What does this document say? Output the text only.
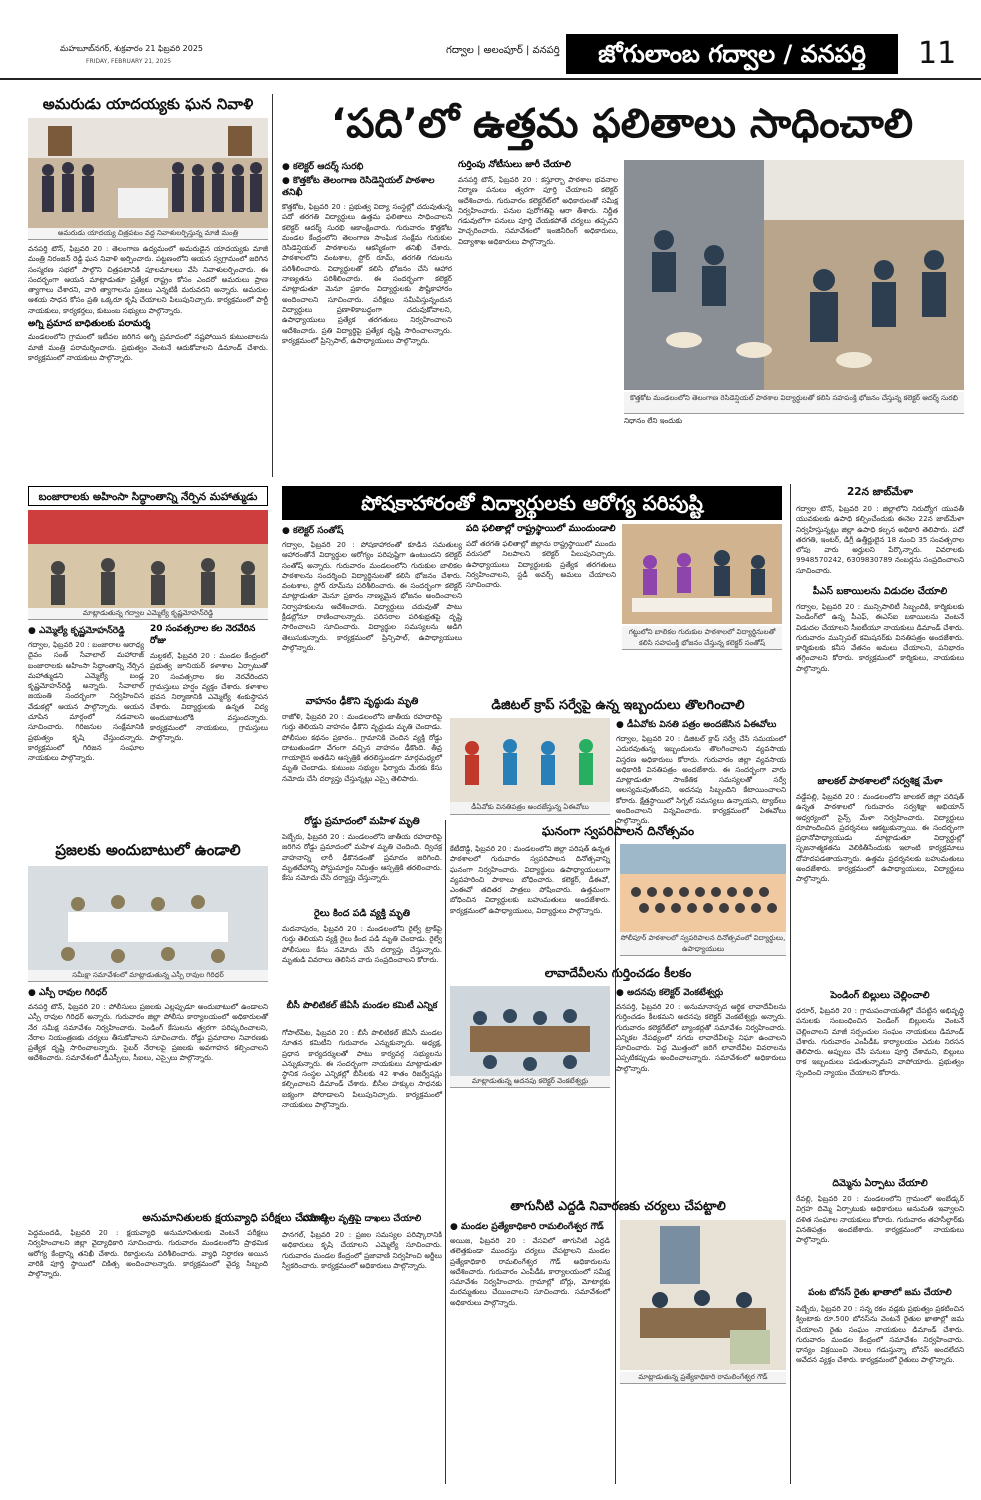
మహబూబ్‌నగర్, శుక్రవారం 21 ఫిబ్రవరి 2025
FRIDAY, FEBRUARY 21, 2025
గద్వాల | అలంపూర్ | వనపర్తి	జోగులాంబ గద్వాల / వనపర్తి	11
అమరుడు యాదయ్యకు ఘన నివాళి
అమరుడు యాదయ్య చిత్రపటం వద్ద నివాళులర్పిస్తున్న మాజీ మంత్రి
వనపర్తి టౌన్‌, ఫిబ్రవరి 20 : తెలంగాణ ఉద్యమంలో అమరుడైన యాదయ్యకు మాజీ మంత్రి నిరంజన్‌ రెడ్డి ఘన నివాళి అర్పించారు. పట్టణంలోని ఆయన స్వగ్రామంలో జరిగిన సంస్మరణ సభలో పాల్గొని చిత్రపటానికి పూలమాలలు వేసి నివాళులర్పించారు. ఈ సందర్భంగా ఆయన మాట్లాడుతూ ప్రత్యేక రాష్ట్రం కోసం ఎందరో అమరులు ప్రాణ త్యాగాలు చేశారని, వారి త్యాగాలను ప్రజలు ఎన్నటికీ మరువరని అన్నారు. అమరుల ఆశయ సాధన కోసం ప్రతి ఒక్కరూ కృషి చేయాలని పిలుపునిచ్చారు. కార్యక్రమంలో పార్టీ నాయకులు, కార్యకర్తలు, కుటుంబ సభ్యులు పాల్గొన్నారు.
అగ్ని ప్రమాద బాధితులకు పరామర్శ
మండలంలోని గ్రామంలో ఇటీవల జరిగిన అగ్ని ప్రమాదంలో నష్టపోయిన కుటుంబాలను మాజీ మంత్రి పరామర్శించారు. ప్రభుత్వం వెంటనే ఆదుకోవాలని డిమాండ్‌ చేశారు. కార్యక్రమంలో నాయకులు పాల్గొన్నారు.
‘పది’లో ఉత్తమ ఫలితాలు సాధించాలి
● కలెక్టర్‌ ఆదర్శ్‌ సురభి
● కొత్తకోట తెలంగాణ రెసిడెన్షియల్‌ పాఠశాల తనిఖీ
కొత్తకోట, ఫిబ్రవరి 20 : ప్రభుత్వ విద్యా సంస్థల్లో చదువుతున్న పదో తరగతి విద్యార్థులు ఉత్తమ ఫలితాలు సాధించాలని కలెక్టర్‌ ఆదర్శ్‌ సురభి ఆకాంక్షించారు. గురువారం కొత్తకోట మండల కేంద్రంలోని తెలంగాణ సాంఘిక సంక్షేమ గురుకుల రెసిడెన్షియల్‌ పాఠశాలను ఆకస్మికంగా తనిఖీ చేశారు. పాఠశాలలోని వంటశాల, స్టోర్‌ రూమ్‌, తరగతి గదులను పరిశీలించారు. విద్యార్థులతో కలిసి భోజనం చేసి ఆహార నాణ్యతను పరిశీలించారు. ఈ సందర్భంగా కలెక్టర్‌ మాట్లాడుతూ మెనూ ప్రకారం విద్యార్థులకు పౌష్టికాహారం అందించాలని సూచించారు. పరీక్షలు సమీపిస్తున్నందున విద్యార్థులు ప్రణాళికాబద్ధంగా చదువుకోవాలని, ఉపాధ్యాయులు ప్రత్యేక తరగతులు నిర్వహించాలని ఆదేశించారు. ప్రతి విద్యార్థిపై ప్రత్యేక దృష్టి సారించాలన్నారు. కార్యక్రమంలో ప్రిన్సిపాల్‌, ఉపాధ్యాయులు పాల్గొన్నారు.
గుర్తింపు నోటీసులు జారీ చేయాలి
వనపర్తి టౌన్‌, ఫిబ్రవరి 20 : కస్తూర్బా పాఠశాల భవనాల నిర్మాణ పనులు త్వరగా పూర్తి చేయాలని కలెక్టర్‌ ఆదేశించారు. గురువారం కలెక్టరేట్‌లో అధికారులతో సమీక్ష నిర్వహించారు. పనుల పురోగతిపై ఆరా తీశారు. నిర్ణీత గడువులోగా పనులు పూర్తి చేయకపోతే చర్యలు తప్పవని హెచ్చరించారు. సమావేశంలో ఇంజినీరింగ్‌ అధికారులు, విద్యాశాఖ అధికారులు పాల్గొన్నారు.
కొత్తకోట మండలంలోని తెలంగాణ రెసిడెన్షియల్‌ పాఠశాల విద్యార్థులతో కలిసి సహపంక్తి భోజనం చేస్తున్న కలెక్టర్‌ ఆదర్శ్‌ సురభి
నిధానం లేని ఇందుకు
బంజారాలకు అహింసా సిద్ధాంతాన్ని నేర్పిన మహాత్ముడు
మాట్లాడుతున్న గద్వాల ఎమ్మెల్యే కృష్ణమోహన్‌రెడ్డి
● ఎమ్మెల్యే కృష్ణమోహన్‌రెడ్డి
గద్వాల, ఫిబ్రవరి 20 : బంజారాల ఆరాధ్య దైవం సంత్‌ సేవాలాల్‌ మహారాజ్‌ బంజారాలకు అహింసా సిద్ధాంతాన్ని నేర్పిన మహాత్ముడని ఎమ్మెల్యే బండ్ల కృష్ణమోహన్‌రెడ్డి అన్నారు. సేవాలాల్‌ జయంతి సందర్భంగా నిర్వహించిన వేడుకల్లో ఆయన పాల్గొన్నారు. ఆయన చూపిన మార్గంలో నడవాలని సూచించారు. గిరిజనుల సంక్షేమానికి ప్రభుత్వం కృషి చేస్తుందన్నారు. కార్యక్రమంలో గిరిజన సంఘాల నాయకులు పాల్గొన్నారు.
20 సంవత్సరాల కల నెరవేరిన రోజు
మల్దకల్‌, ఫిబ్రవరి 20 : మండల కేంద్రంలో ప్రభుత్వ జూనియర్‌ కళాశాల ఏర్పాటుతో 20 సంవత్సరాల కల నెరవేరిందని గ్రామస్తులు హర్షం వ్యక్తం చేశారు. కళాశాల భవన నిర్మాణానికి ఎమ్మెల్యే శంకుస్థాపన చేశారు. విద్యార్థులకు ఉన్నత విద్య అందుబాటులోకి వస్తుందన్నారు. కార్యక్రమంలో నాయకులు, గ్రామస్తులు పాల్గొన్నారు.
పోషకాహారంతో విద్యార్థులకు ఆరోగ్య పరిపుష్టి
● కలెక్టర్‌ సంతోష్‌
గద్వాల, ఫిబ్రవరి 20 : పోషకాహారంతో కూడిన సమతుల్య ఆహారంతోనే విద్యార్థుల ఆరోగ్యం పరిపుష్టిగా ఉంటుందని కలెక్టర్‌ సంతోష్‌ అన్నారు. గురువారం మండలంలోని గురుకుల బాలికల పాఠశాలను సందర్శించి విద్యార్థినులతో కలిసి భోజనం చేశారు. వంటశాల, స్టోర్‌ రూమ్‌ను పరిశీలించారు. ఈ సందర్భంగా కలెక్టర్‌ మాట్లాడుతూ మెనూ ప్రకారం నాణ్యమైన భోజనం అందించాలని నిర్వాహకులను ఆదేశించారు. విద్యార్థులు చదువుతో పాటు క్రీడల్లోనూ రాణించాలన్నారు. పరిసరాల పరిశుభ్రతపై దృష్టి సారించాలని సూచించారు. విద్యార్థుల సమస్యలను అడిగి తెలుసుకున్నారు. కార్యక్రమంలో ప్రిన్సిపాల్‌, ఉపాధ్యాయులు పాల్గొన్నారు.
పది ఫలితాల్లో రాష్ట్రస్థాయిలో ముందుండాలి
పదో తరగతి ఫలితాల్లో జిల్లాను రాష్ట్రస్థాయిలో ముందు వరుసలో నిలపాలని కలెక్టర్‌ పిలుపునిచ్చారు. ఉపాధ్యాయులు విద్యార్థులకు ప్రత్యేక తరగతులు నిర్వహించాలని, స్టడీ అవర్స్‌ అమలు చేయాలని సూచించారు.
గట్టులోని బాలికల గురుకుల పాఠశాలలో విద్యార్థినులతో కలిసి సహపంక్తి భోజనం చేస్తున్న కలెక్టర్‌ సంతోష్‌
వాహనం ఢీకొని వృద్ధుడు మృతి
రాజోళి, ఫిబ్రవరి 20 : మండలంలోని జాతీయ రహదారిపై గుర్తు తెలియని వాహనం ఢీకొని వృద్ధుడు మృతి చెందాడు. పోలీసుల కథనం ప్రకారం.. గ్రామానికి చెందిన వ్యక్తి రోడ్డు దాటుతుండగా వేగంగా వచ్చిన వాహనం ఢీకొంది. తీవ్ర గాయాలైన అతడిని ఆస్పత్రికి తరలిస్తుండగా మార్గమధ్యలో మృతి చెందాడు. కుటుంబ సభ్యుల ఫిర్యాదు మేరకు కేసు నమోదు చేసి దర్యాప్తు చేస్తున్నట్లు ఎస్సై తెలిపారు.
రోడ్డు ప్రమాదంలో మహిళ మృతి
పెబ్బేరు, ఫిబ్రవరి 20 : మండలంలోని జాతీయ రహదారిపై జరిగిన రోడ్డు ప్రమాదంలో మహిళ మృతి చెందింది. ద్విచక్ర వాహనాన్ని లారీ ఢీకొనడంతో ప్రమాదం జరిగింది. మృతదేహాన్ని పోస్టుమార్టం నిమిత్తం ఆస్పత్రికి తరలించారు. కేసు నమోదు చేసి దర్యాప్తు చేస్తున్నారు.
రైలు కింద పడి వ్యక్తి మృతి
మదనాపురం, ఫిబ్రవరి 20 : మండలంలోని రైల్వే ట్రాక్‌పై గుర్తు తెలియని వ్యక్తి రైలు కింద పడి మృతి చెందాడు. రైల్వే పోలీసులు కేసు నమోదు చేసి దర్యాప్తు చేస్తున్నారు. మృతుడి వివరాలు తెలిసిన వారు సంప్రదించాలని కోరారు.
బీసీ పొలిటికల్‌ జేఏసీ మండల కమిటీ ఎన్నిక
గోపాల్‌పేట, ఫిబ్రవరి 20 : బీసీ పొలిటికల్‌ జేఏసీ మండల నూతన కమిటీని గురువారం ఎన్నుకున్నారు. అధ్యక్ష, ప్రధాన కార్యదర్శులతో పాటు కార్యవర్గ సభ్యులను ఎన్నుకున్నారు. ఈ సందర్భంగా నాయకులు మాట్లాడుతూ స్థానిక సంస్థల ఎన్నికల్లో బీసీలకు 42 శాతం రిజర్వేషన్లు కల్పించాలని డిమాండ్‌ చేశారు. బీసీల హక్కుల సాధనకు ఐక్యంగా పోరాడాలని పిలుపునిచ్చారు. కార్యక్రమంలో నాయకులు పాల్గొన్నారు.
డిజిటల్‌ క్రాప్‌ సర్వేపై ఉన్న ఇబ్బందులు తొలగించాలి
డీఏవోకు వినతిపత్రం అందజేస్తున్న ఏఈవోలు
● డీఏవోకు వినతి పత్రం అందజేసిన ఏఈవోలు
గద్వాల, ఫిబ్రవరి 20 : డిజిటల్‌ క్రాప్‌ సర్వే చేసే సమయంలో ఎదురవుతున్న ఇబ్బందులను తొలగించాలని వ్యవసాయ విస్తరణ అధికారులు కోరారు. గురువారం జిల్లా వ్యవసాయ అధికారికి వినతిపత్రం అందజేశారు. ఈ సందర్భంగా వారు మాట్లాడుతూ సాంకేతిక సమస్యలతో సర్వే ఆలస్యమవుతోందని, అదనపు సిబ్బందిని కేటాయించాలని కోరారు. క్షేత్రస్థాయిలో సిగ్నల్‌ సమస్యలు ఉన్నాయని, ట్యాబ్‌లు అందించాలని విన్నవించారు. కార్యక్రమంలో ఏఈవోలు పాల్గొన్నారు.
ఘనంగా స్వపరిపాలన దినోత్సవం
కేటీదొడ్డి, ఫిబ్రవరి 20 : మండలంలోని జిల్లా పరిషత్‌ ఉన్నత పాఠశాలలో గురువారం స్వపరిపాలన దినోత్సవాన్ని ఘనంగా నిర్వహించారు. విద్యార్థులు ఉపాధ్యాయులుగా వ్యవహరించి పాఠాలు బోధించారు. కలెక్టర్‌, డీఈవో, ఎంఈవో తదితర పాత్రలు పోషించారు. ఉత్తమంగా బోధించిన విద్యార్థులకు బహుమతులు అందజేశారు. కార్యక్రమంలో ఉపాధ్యాయులు, విద్యార్థులు పాల్గొన్నారు.
సోలీపూర్‌ పాఠశాలలో స్వపరిపాలన దినోత్సవంలో విద్యార్థులు, ఉపాధ్యాయులు
లావాదేవీలను గుర్తించడం కీలకం
మాట్లాడుతున్న అదనపు కలెక్టర్‌ వెంకటేశ్వర్లు
● అదనపు కలెక్టర్‌ వెంకటేశ్వర్లు
వనపర్తి, ఫిబ్రవరి 20 : అనుమానాస్పద ఆర్థిక లావాదేవీలను గుర్తించడం కీలకమని అదనపు కలెక్టర్‌ వెంకటేశ్వర్లు అన్నారు. గురువారం కలెక్టరేట్‌లో బ్యాంకర్లతో సమావేశం నిర్వహించారు. ఎన్నికల నేపథ్యంలో నగదు లావాదేవీలపై నిఘా ఉంచాలని సూచించారు. పెద్ద మొత్తంలో జరిగే లావాదేవీల వివరాలను ఎప్పటికప్పుడు అందించాలన్నారు. సమావేశంలో అధికారులు పాల్గొన్నారు.
తాగునీటి ఎద్దడి నివారణకు చర్యలు చేపట్టాలి
● మండల ప్రత్యేకాధికారి రామలింగేశ్వర గౌడ్‌
అయిజ, ఫిబ్రవరి 20 : వేసవిలో తాగునీటి ఎద్దడి తలెత్తకుండా ముందస్తు చర్యలు చేపట్టాలని మండల ప్రత్యేకాధికారి రామలింగేశ్వర గౌడ్‌ అధికారులను ఆదేశించారు. గురువారం ఎంపీడీఓ కార్యాలయంలో సమీక్ష సమావేశం నిర్వహించారు. గ్రామాల్లో బోర్లు, మోటార్లకు మరమ్మతులు చేయించాలని సూచించారు. సమావేశంలో అధికారులు పాల్గొన్నారు.
మాట్లాడుతున్న ప్రత్యేకాధికారి రామలింగేశ్వర గౌడ్‌
22న జాబ్‌మేళా
గద్వాల టౌన్‌, ఫిబ్రవరి 20 : జిల్లాలోని నిరుద్యోగ యువతీ యువకులకు ఉపాధి కల్పించేందుకు ఈనెల 22న జాబ్‌మేళా నిర్వహిస్తున్నట్లు జిల్లా ఉపాధి కల్పన అధికారి తెలిపారు. పదో తరగతి, ఇంటర్‌, డిగ్రీ ఉత్తీర్ణులైన 18 నుంచి 35 సంవత్సరాల లోపు వారు అర్హులని పేర్కొన్నారు. వివరాలకు 9948570242, 6309830789 నంబర్లను సంప్రదించాలని సూచించారు.
పీఎస్‌ బకాయిలను విడుదల చేయాలి
గద్వాల, ఫిబ్రవరి 20 : మున్సిపాలిటీ సిబ్బందికి, కార్మికులకు పెండింగ్‌లో ఉన్న పీఎఫ్‌, ఈఎస్‌ఐ బకాయిలను వెంటనే విడుదల చేయాలని సీఐటీయూ నాయకులు డిమాండ్‌ చేశారు. గురువారం మున్సిపల్‌ కమిషనర్‌కు వినతిపత్రం అందజేశారు. కార్మికులకు కనీస వేతనం అమలు చేయాలని, పనిభారం తగ్గించాలని కోరారు. కార్యక్రమంలో కార్మికులు, నాయకులు పాల్గొన్నారు.
జాలకల్‌ పాఠశాలలో సర్వశిక్ష మేళా
వడ్డేపల్లి, ఫిబ్రవరి 20 : మండలంలోని జాలకల్‌ జిల్లా పరిషత్‌ ఉన్నత పాఠశాలలో గురువారం సర్వశిక్షా అభియాన్‌ ఆధ్వర్యంలో సైన్స్‌ మేళా నిర్వహించారు. విద్యార్థులు రూపొందించిన ప్రదర్శనలు ఆకట్టుకున్నాయి. ఈ సందర్భంగా ప్రధానోపాధ్యాయుడు మాట్లాడుతూ విద్యార్థుల్లో సృజనాత్మకతను వెలికితీసేందుకు ఇలాంటి కార్యక్రమాలు దోహదపడతాయన్నారు. ఉత్తమ ప్రదర్శనలకు బహుమతులు అందజేశారు. కార్యక్రమంలో ఉపాధ్యాయులు, విద్యార్థులు పాల్గొన్నారు.
పెండింగ్‌ బిల్లులు చెల్లించాలి
ధరూర్‌, ఫిబ్రవరి 20 : గ్రామపంచాయతీల్లో చేపట్టిన అభివృద్ధి పనులకు సంబంధించిన పెండింగ్‌ బిల్లులను వెంటనే చెల్లించాలని మాజీ సర్పంచుల సంఘం నాయకులు డిమాండ్‌ చేశారు. గురువారం ఎంపీడీఓ కార్యాలయం ఎదుట నిరసన తెలిపారు. అప్పులు చేసి పనులు పూర్తి చేశామని, బిల్లులు రాక ఇబ్బందులు పడుతున్నామని వాపోయారు. ప్రభుత్వం స్పందించి న్యాయం చేయాలని కోరారు.
దిమ్మెను ఏర్పాటు చేయాలి
రేవల్లి, ఫిబ్రవరి 20 : మండలంలోని గ్రామంలో అంబేడ్కర్‌ విగ్రహ దిమ్మె ఏర్పాటుకు అధికారులు అనుమతి ఇవ్వాలని దళిత సంఘాల నాయకులు కోరారు. గురువారం తహసీల్దార్‌కు వినతిపత్రం అందజేశారు. కార్యక్రమంలో నాయకులు పాల్గొన్నారు.
పంట బోనస్‌ రైతు ఖాతాలో జమ చేయాలి
పెబ్బేరు, ఫిబ్రవరి 20 : సన్న రకం వడ్లకు ప్రభుత్వం ప్రకటించిన క్వింటాకు రూ.500 బోనస్‌ను వెంటనే రైతుల ఖాతాల్లో జమ చేయాలని రైతు సంఘం నాయకులు డిమాండ్‌ చేశారు. గురువారం మండల కేంద్రంలో సమావేశం నిర్వహించారు. ధాన్యం విక్రయించి నెలలు గడుస్తున్నా బోనస్‌ అందలేదని ఆవేదన వ్యక్తం చేశారు. కార్యక్రమంలో రైతులు పాల్గొన్నారు.
ప్రజలకు అందుబాటులో ఉండాలి
సమీక్షా సమావేశంలో మాట్లాడుతున్న ఎస్పీ రావుల గిరిధర్‌
● ఎస్పీ రావుల గిరిధర్‌
వనపర్తి టౌన్‌, ఫిబ్రవరి 20 : పోలీసులు ప్రజలకు ఎల్లప్పుడూ అందుబాటులో ఉండాలని ఎస్పీ రావుల గిరిధర్‌ అన్నారు. గురువారం జిల్లా పోలీసు కార్యాలయంలో అధికారులతో నేర సమీక్ష సమావేశం నిర్వహించారు. పెండింగ్‌ కేసులను త్వరగా పరిష్కరించాలని, నేరాల నియంత్రణకు చర్యలు తీసుకోవాలని సూచించారు. రోడ్డు ప్రమాదాల నివారణకు ప్రత్యేక దృష్టి సారించాలన్నారు. సైబర్‌ నేరాలపై ప్రజలకు అవగాహన కల్పించాలని ఆదేశించారు. సమావేశంలో డీఎస్పీలు, సీఐలు, ఎస్సైలు పాల్గొన్నారు.
అనుమానితులకు క్షయవ్యాధి పరీక్షలు చేయాలి
పెద్దమందడి, ఫిబ్రవరి 20 : క్షయవ్యాధి అనుమానితులకు వెంటనే పరీక్షలు నిర్వహించాలని జిల్లా వైద్యాధికారి సూచించారు. గురువారం మండలంలోని ప్రాథమిక ఆరోగ్య కేంద్రాన్ని తనిఖీ చేశారు. రికార్డులను పరిశీలించారు. వ్యాధి నిర్ధారణ అయిన వారికి పూర్తి స్థాయిలో చికిత్స అందించాలన్నారు. కార్యక్రమంలో వైద్య సిబ్బంది పాల్గొన్నారు.
సమస్యల వృత్తిపై దాఖలు చేయాలి
పానగల్‌, ఫిబ్రవరి 20 : ప్రజల సమస్యల పరిష్కారానికి అధికారులు కృషి చేయాలని ఎమ్మెల్యే సూచించారు. గురువారం మండల కేంద్రంలో ప్రజావాణి నిర్వహించి అర్జీలు స్వీకరించారు. కార్యక్రమంలో అధికారులు పాల్గొన్నారు.
